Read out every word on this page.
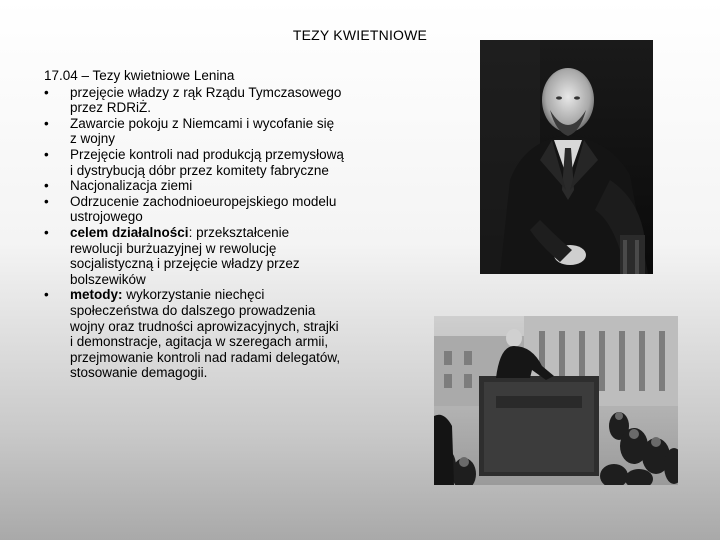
TEZY KWIETNIOWE
17.04 – Tezy kwietniowe Lenina
• przejęcie władzy z rąk Rządu Tymczasowego przez RDRiŻ.
• Zawarcie pokoju z Niemcami i wycofanie się z wojny
• Przejęcie kontroli nad produkcją przemysłową i dystrybucją dóbr przez komitety fabryczne
• Nacjonalizacja ziemi
• Odrzucenie zachodnioeuropejskiego modelu ustrojowego
• celem działalności: przekształcenie rewolucji burżuazyjnej w rewolucję socjalistyczną i przejęcie władzy przez bolszewików
• metody: wykorzystanie niechęci społeczeństwa do dalszego prowadzenia wojny oraz trudności aprowizacyjnych, strajki i demonstracje, agitacja w szeregach armii, przejmowanie kontroli nad radami delegatów, stosowanie demagogii.
